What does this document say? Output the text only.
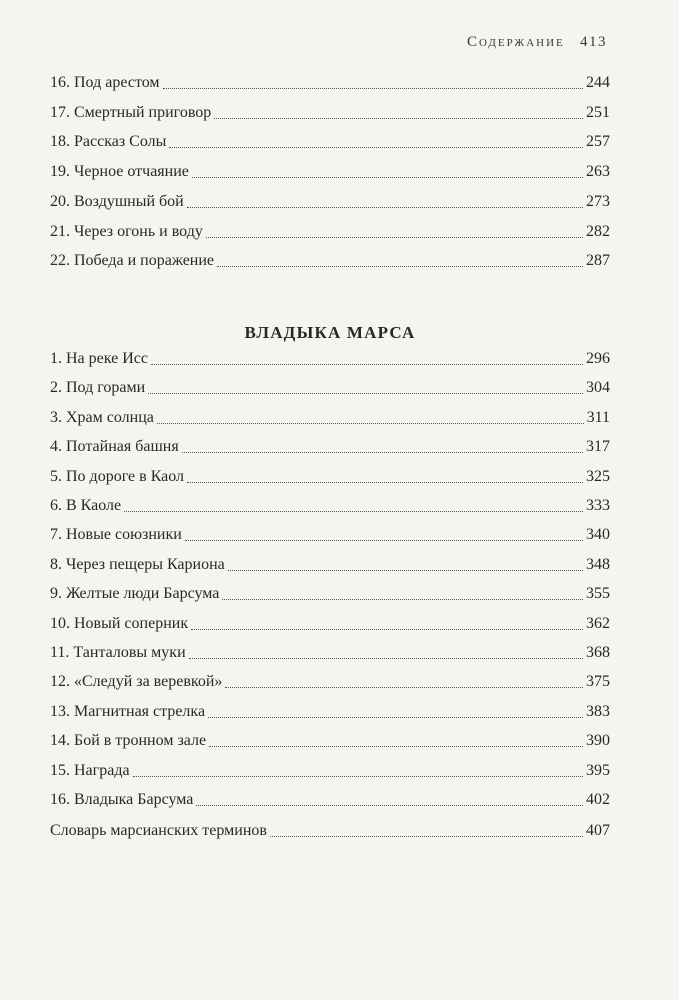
Содержание 413
16. Под арестом	244
17. Смертный приговор	251
18. Рассказ Солы	257
19. Черное отчаяние	263
20. Воздушный бой	273
21. Через огонь и воду	282
22. Победа и поражение	287
ВЛАДЫКА МАРСА
1. На реке Исс	296
2. Под горами	304
3. Храм солнца	311
4. Потайная башня	317
5. По дороге в Каол	325
6. В Каоле	333
7. Новые союзники	340
8. Через пещеры Кариона	348
9. Желтые люди Барсума	355
10. Новый соперник	362
11. Танталовы муки	368
12. «Следуй за веревкой»	375
13. Магнитная стрелка	383
14. Бой в тронном зале	390
15. Награда	395
16. Владыка Барсума	402
Словарь марсианских терминов	407
